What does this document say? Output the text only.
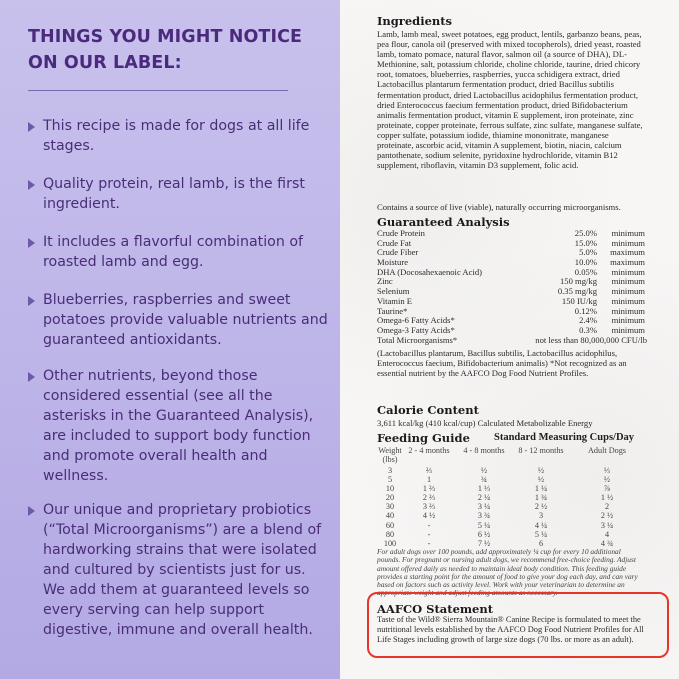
THINGS YOU MIGHT NOTICE ON OUR LABEL:
This recipe is made for dogs at all life stages.
Quality protein, real lamb, is the first ingredient.
It includes a flavorful combination of roasted lamb and egg.
Blueberries, raspberries and sweet potatoes provide valuable nutrients and guaranteed antioxidants.
Other nutrients, beyond those considered essential (see all the asterisks in the Guaranteed Analysis), are included to support body function and promote overall health and wellness.
Our unique and proprietary probiotics (“Total Microorganisms”) are a blend of hardworking strains that were isolated and cultured by scientists just for us. We add them at guaranteed levels so every serving can help support digestive, immune and overall health.
Ingredients
Lamb, lamb meal, sweet potatoes, egg product, lentils, garbanzo beans, peas, pea flour, canola oil (preserved with mixed tocopherols), dried yeast, roasted lamb, tomato pomace, natural flavor, salmon oil (a source of DHA), DL-Methionine, salt, potassium chloride, choline chloride, taurine, dried chicory root, tomatoes, blueberries, raspberries, yucca schidigera extract, dried Lactobacillus plantarum fermentation product, dried Bacillus subtilis fermentation product, dried Lactobacillus acidophilus fermentation product, dried Enterococcus faecium fermentation product, dried Bifidobacterium animalis fermentation product, vitamin E supplement, iron proteinate, zinc proteinate, copper proteinate, ferrous sulfate, zinc sulfate, manganese sulfate, copper sulfate, potassium iodide, thiamine mononitrate, manganese proteinate, ascorbic acid, vitamin A supplement, biotin, niacin, calcium pantothenate, sodium selenite, pyridoxine hydrochloride, vitamin B12 supplement, riboflavin, vitamin D3 supplement, folic acid.
Contains a source of live (viable), naturally occurring microorganisms.
Guaranteed Analysis
Crude Protein	25.0%	minimum
Crude Fat	15.0%	minimum
Crude Fiber	5.0%	maximum
Moisture	10.0%	maximum
DHA (Docosahexaenoic Acid)	0.05%	minimum
Zinc	150 mg/kg	minimum
Selenium	0.35 mg/kg	minimum
Vitamin E	150 IU/kg	minimum
Taurine*	0.12%	minimum
Omega-6 Fatty Acids*	2.4%	minimum
Omega-3 Fatty Acids*	0.3%	minimum
Total Microorganisms*	not less than 80,000,000 CFU/lb
(Lactobacillus plantarum, Bacillus subtilis, Lactobacillus acidophilus, Enterococcus faecium, Bifidobacterium animalis) *Not recognized as an essential nutrient by the AAFCO Dog Food Nutrient Profiles.
Calorie Content
3,611 kcal/kg (410 kcal/cup) Calculated Metabolizable Energy
Feeding Guide	Standard Measuring Cups/Day
Weight (lbs)
2 - 4 months	4 - 8 months	8 - 12 months	Adult Dogs
3	⅔	½	½	⅓
5	1	¾	½	½
10	1 ⅔	1 ⅓	1 ¼	⅞
20	2 ⅔	2 ¼	1 ¾	1 ½
30	3 ⅔	3 ¼	2 ½	2
40	4 ½	3 ¾	3	2 ½
60	-	5 ¼	4 ¼	3 ¼
80	-	6 ½	5 ¼	4
100	-	7 ½	6	4 ¾
For adult dogs over 100 pounds, add approximately ¼ cup for every 10 additional pounds. For pregnant or nursing adult dogs, we recommend free-choice feeding. Adjust amount offered daily as needed to maintain ideal body condition. This feeding guide provides a starting point for the amount of food to give your dog each day, and can vary based on factors such as activity level. Work with your veterinarian to determine an appropriate weight and adjust feeding amounts as necessary.
AAFCO Statement
Taste of the Wild® Sierra Mountain® Canine Recipe is formulated to meet the nutritional levels established by the AAFCO Dog Food Nutrient Profiles for All Life Stages including growth of large size dogs (70 lbs. or more as an adult).
